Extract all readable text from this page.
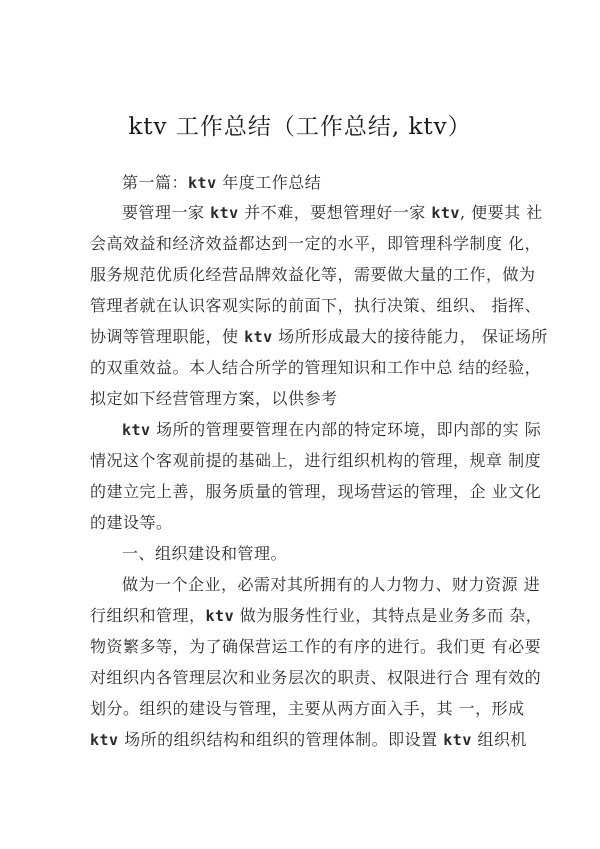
ktv 工作总结（工作总结, ktv）
第一篇：ktv 年度工作总结
要管理一家 ktv 并不难，要想管理好一家 ktv, 便要其 社
会高效益和经济效益都达到一定的水平，即管理科学制度 化，
服务规范优质化经营品牌效益化等，需要做大量的工作，做为
管理者就在认识客观实际的前面下，执行决策、组织、 指挥、
协调等管理职能，使 ktv 场所形成最大的接待能力， 保证场所
的双重效益。本人结合所学的管理知识和工作中总 结的经验，
拟定如下经营管理方案，以供参考
ktv 场所的管理要管理在内部的特定环境，即内部的实 际
情况这个客观前提的基础上，进行组织机构的管理，规章 制度
的建立完上善，服务质量的管理，现场营运的管理，企 业文化
的建设等。
一、组织建设和管理。
做为一个企业，必需对其所拥有的人力物力、财力资源 进
行组织和管理，ktv 做为服务性行业，其特点是业务多而 杂，
物资繁多等，为了确保营运工作的有序的进行。我们更 有必要
对组织内各管理层次和业务层次的职责、权限进行合 理有效的
划分。组织的建设与管理，主要从两方面入手，其 一，形成
ktv 场所的组织结构和组织的管理体制。即设置 ktv 组织机
